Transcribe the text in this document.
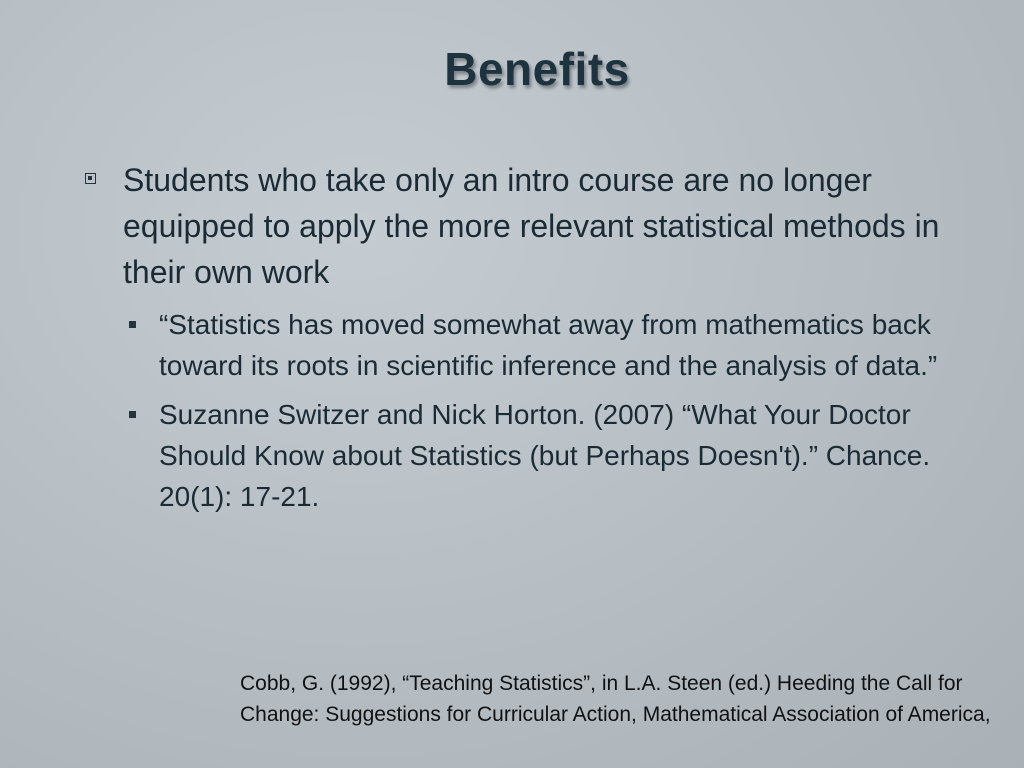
Benefits
Students who take only an intro course are no longer equipped to apply the more relevant statistical methods in their own work
“Statistics has moved somewhat away from mathematics back toward its roots in scientific inference and the analysis of data.”
Suzanne Switzer and Nick Horton. (2007) “What Your Doctor Should Know about Statistics (but Perhaps Doesn't).” Chance. 20(1): 17-21.
Cobb, G. (1992), “Teaching Statistics”, in L.A. Steen (ed.) Heeding the Call for Change: Suggestions for Curricular Action, Mathematical Association of America,
